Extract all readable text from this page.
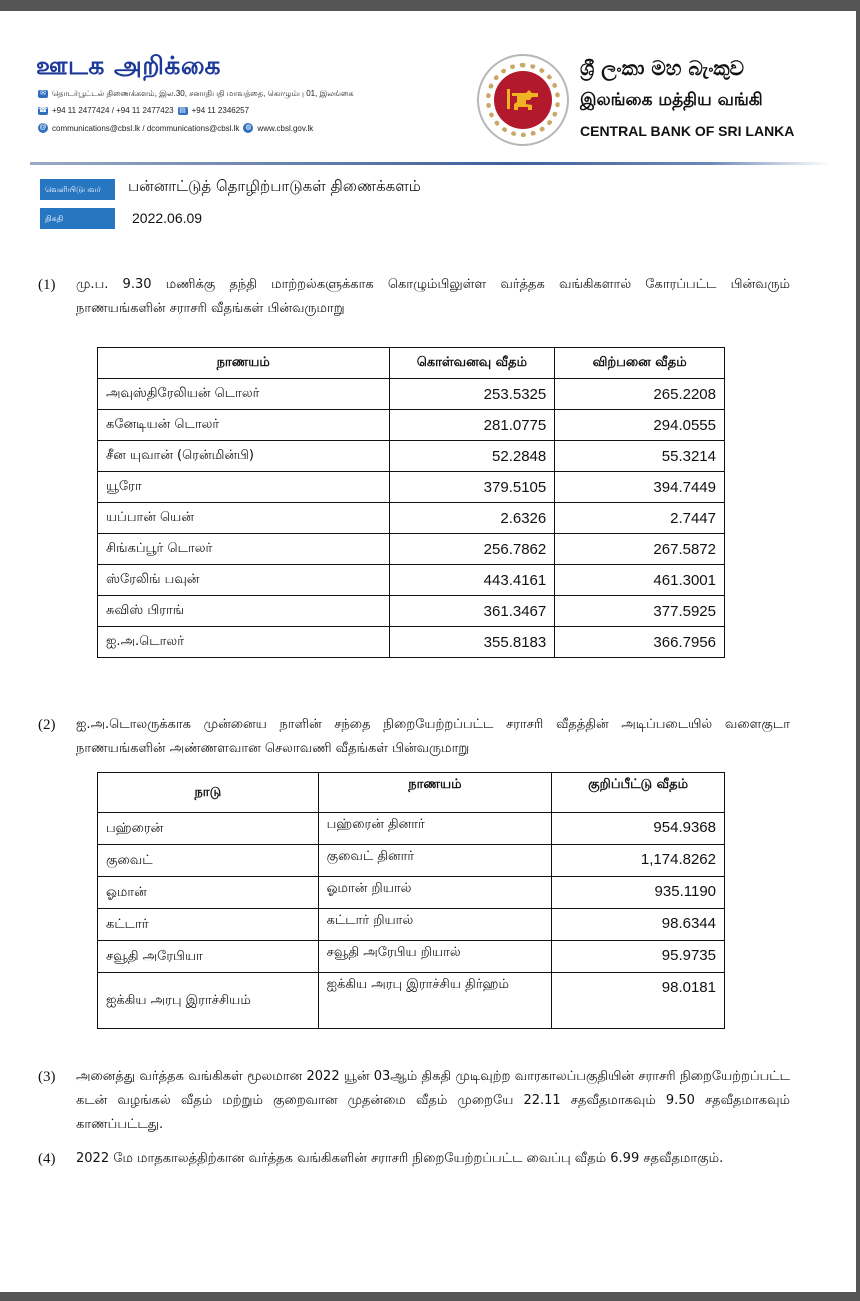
ஊடக அறிக்கை
✉ தொடர்பூட்டல் திணைக்களம், இல.30, சனாதிபதி மாவத்தை, கொழும்பு 01, இலங்கை
☎ +94 11 2477424 / +94 11 2477423 ▤ +94 11 2346257
@ communications@cbsl.lk / dcommunications@cbsl.lk ◍ www.cbsl.gov.lk
ශ්‍රී ලංකා මහ බැංකුව
இலங்கை மத்திய வங்கி
CENTRAL BANK OF SRI LANKA
வெளியிடுபவர்	பன்னாட்டுத் தொழிற்பாடுகள் திணைக்களம்
திகதி	2022.06.09
(1) மு.ப. 9.30 மணிக்கு தந்தி மாற்றல்களுக்காக கொழும்பிலுள்ள வர்த்தக வங்கிகளால் கோரப்பட்ட பின்வரும் நாணயங்களின் சராசரி வீதங்கள் பின்வருமாறு
நாணயம்	கொள்வனவு வீதம்	விற்பனை வீதம்
அவுஸ்திரேலியன் டொலர்	253.5325	265.2208
கனேடியன் டொலர்	281.0775	294.0555
சீன யுவான் (ரென்மின்பி)	52.2848	55.3214
யூரோ	379.5105	394.7449
யப்பான் யென்	2.6326	2.7447
சிங்கப்பூர் டொலர்	256.7862	267.5872
ஸ்ரேலிங் பவுன்	443.4161	461.3001
சுவிஸ் பிராங்	361.3467	377.5925
ஐ.அ.டொலர்	355.8183	366.7956
(2) ஐ.அ.டொலருக்காக முன்னைய நாளின் சந்தை நிறையேற்றப்பட்ட சராசரி வீதத்தின் அடிப்படையில் வளைகுடா நாணயங்களின் அண்ணளவான செலாவணி வீதங்கள் பின்வருமாறு
நாடு	நாணயம்	குறிப்பீட்டு வீதம்
பஹ்ரைன்	பஹ்ரைன் தினார்	954.9368
குவைட்	குவைட் தினார்	1,174.8262
ஓமான்	ஓமான் றியால்	935.1190
கட்டார்	கட்டார் றியால்	98.6344
சவூதி அரேபியா	சவூதி அரேபிய றியால்	95.9735
ஐக்கிய அரபு இராச்சியம்	ஐக்கிய அரபு இராச்சிய திர்ஹம்	98.0181
(3) அனைத்து வர்த்தக வங்கிகள் மூலமான 2022 யூன் 03ஆம் திகதி முடிவுற்ற வாரகாலப்பகுதியின் சராசரி நிறையேற்றப்பட்ட கடன் வழங்கல் வீதம் மற்றும் குறைவான முதன்மை வீதம் முறையே 22.11 சதவீதமாகவும் 9.50 சதவீதமாகவும் காணப்பட்டது.
(4) 2022 மே மாதகாலத்திற்கான வர்த்தக வங்கிகளின் சராசரி நிறையேற்றப்பட்ட வைப்பு வீதம் 6.99 சதவீதமாகும்.
